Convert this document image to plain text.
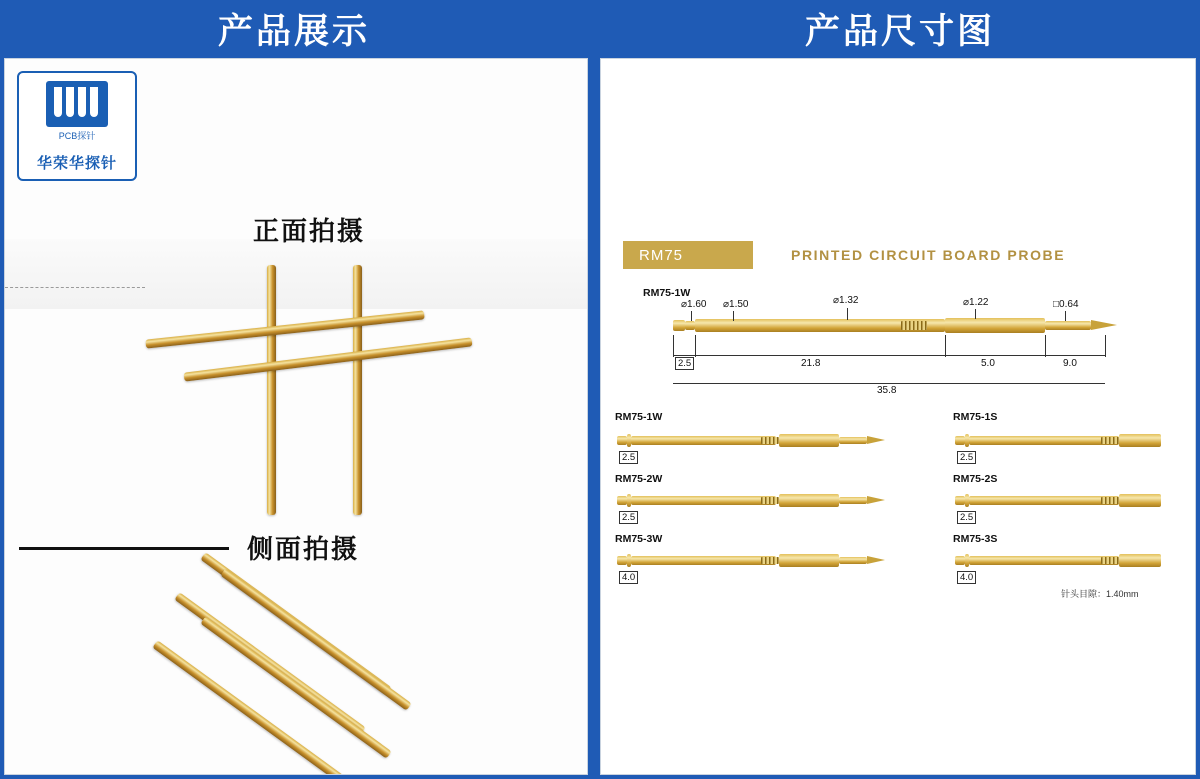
产品展示	产品尺寸图
PCB探针
华荣华探针
正面拍摄
侧面拍摄
RM75	PRINTED CIRCUIT BOARD PROBE
RM75-1W
⌀1.60 ⌀1.50	⌀1.32	⌀1.22	□0.64
2.5	21.8	5.0	9.0
35.8
RM75-1W
2.5
RM75-2W
2.5
RM75-3W
4.0
RM75-1S
2.5
RM75-2S
2.5
RM75-3S
4.0
针头目隙：1.40mm
